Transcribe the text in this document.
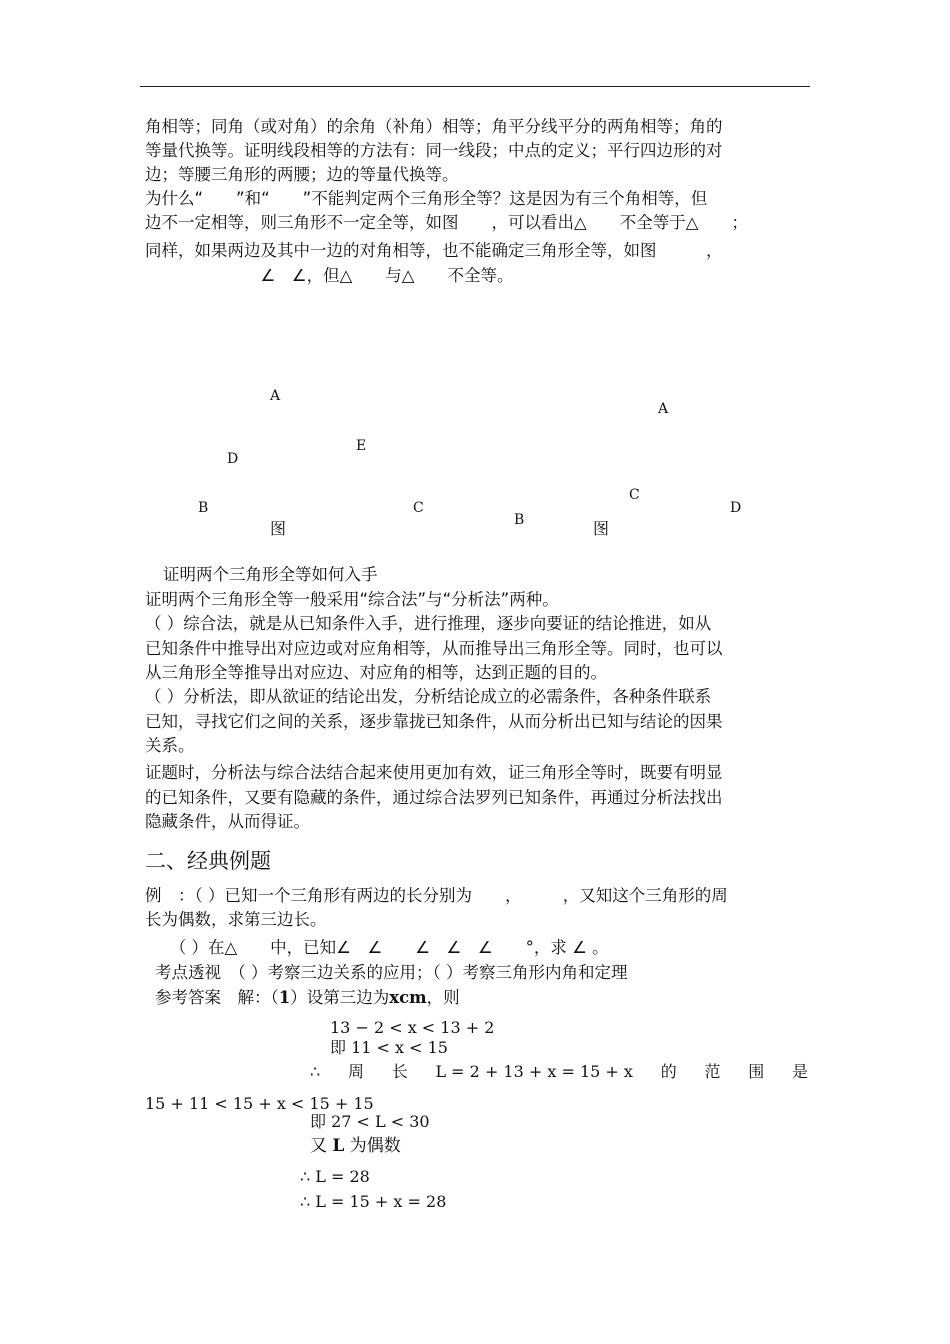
角相等；同角（或对角）的余角（补角）相等；角平分线平分的两角相等；角的
等量代换等。证明线段相等的方法有：同一线段；中点的定义；平行四边形的对
边；等腰三角形的两腰；边的等量代换等。
为什么“　　”和“　　”不能判定两个三角形全等？这是因为有三个角相等，但
边不一定相等，则三角形不一定全等，如图　　，可以看出△　　不全等于△　　；
同样，如果两边及其中一边的对角相等，也不能确定三角形全等，如图　　　，
　　　　　　　∠　∠，但△　　与△　　不全等。
A
E
D
B	C
图
A
C
B
D
图
证明两个三角形全等如何入手
证明两个三角形全等一般采用“综合法”与“分析法”两种。
（ ）综合法，就是从已知条件入手，进行推理，逐步向要证的结论推进，如从
已知条件中推导出对应边或对应角相等，从而推导出三角形全等。同时，也可以
从三角形全等推导出对应边、对应角的相等，达到正题的目的。
（ ）分析法，即从欲证的结论出发，分析结论成立的必需条件，各种条件联系
已知，寻找它们之间的关系，逐步靠拢已知条件，从而分析出已知与结论的因果
关系。
证题时，分析法与综合法结合起来使用更加有效，证三角形全等时，既要有明显
的已知条件，又要有隐藏的条件，通过综合法罗列已知条件，再通过分析法找出
隐藏条件，从而得证。
二、经典例题
例　：（ ）已知一个三角形有两边的长分别为　　，　　　，又知这个三角形的周
长为偶数，求第三边长。
　　（ ）在△　　中，已知∠　∠　　∠　∠　∠　　°，求 ∠ 。
考点透视　（ ）考察三边关系的应用；（ ）考察三角形内角和定理
参考答案　解：（1）设第三边为xcm，则
13 − 2 < x < 13 + 2
即 11 < x < 15
∴ 周 长 L = 2 + 13 + x = 15 + x 的 范 围 是
15 + 11 < 15 + x < 15 + 15
即 27 < L < 30
又 L 为偶数
∴ L = 28
∴ L = 15 + x = 28
